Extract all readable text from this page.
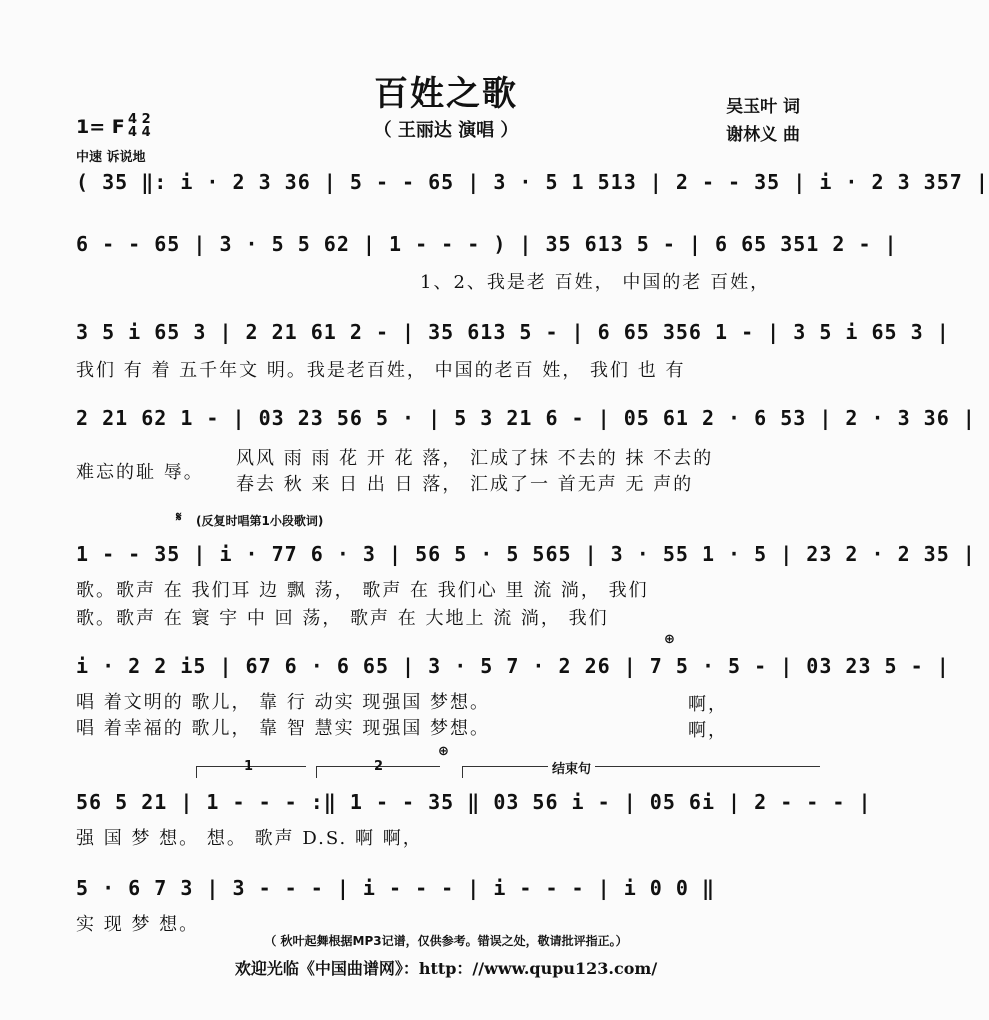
百姓之歌
（ 王丽达 演唱 ）
吴玉叶 词
谢林义 曲
1= F 4 2
4 4
中速 诉说地
( 35 ‖: i · 2 3 36 | 5 - - 65 | 3 · 5 1 513 | 2 - - 35 | i · 2 3 357 |
6 - - 65 | 3 · 5 5 62 | 1 - - - ) | 35 613 5 - | 6 65 351 2 - |
1、2、我是老 百姓， 中国的老 百姓，
3 5 i 65 3 | 2 21 61 2 - | 35 613 5 - | 6 65 356 1 - | 3 5 i 65 3 |
我们 有 着 五千年文 明。我是老百姓， 中国的老百 姓， 我们 也 有
2 21 62 1 - | 03 23 56 5 · | 5 3 21 6 - | 05 61 2 · 6 53 | 2 · 3 36 |
难忘的耻 辱。
风风 雨 雨 花 开 花 落， 汇成了抹 不去的 抹 不去的
春去 秋 来 日 出 日 落， 汇成了一 首无声 无 声的
𝄋 (反复时唱第1小段歌词)
1 - - 35 | i · 77 6 · 3 | 56 5 · 5 565 | 3 · 55 1 · 5 | 23 2 · 2 35 |
歌。歌声 在 我们耳 边 飘 荡， 歌声 在 我们心 里 流 淌， 我们
歌。歌声 在 寰 宇 中 回 荡， 歌声 在 大地上 流 淌， 我们
⊕
i · 2 2 i5 | 67 6 · 6 65 | 3 · 5 7 · 2 26 | 7 5 · 5 - | 03 23 5 - |
唱 着文明的 歌儿， 靠 行 动实 现强国 梦想。
唱 着幸福的 歌儿， 靠 智 慧实 现强国 梦想。
啊，
啊，
1	2
⊕
结束句
56 5 21 | 1 - - - :‖ 1 - - 35 ‖ 03 56 i - | 05 6i | 2 - - - |
强 国 梦 想。 想。 歌声 D.S. 啊 啊，
5 · 6 7 3 | 3 - - - | i - - - | i - - - | i 0 0 ‖
实 现 梦 想。
（ 秋叶起舞根据MP3记谱，仅供参考。错误之处，敬请批评指正。）
欢迎光临《中国曲谱网》：http：//www.qupu123.com/
